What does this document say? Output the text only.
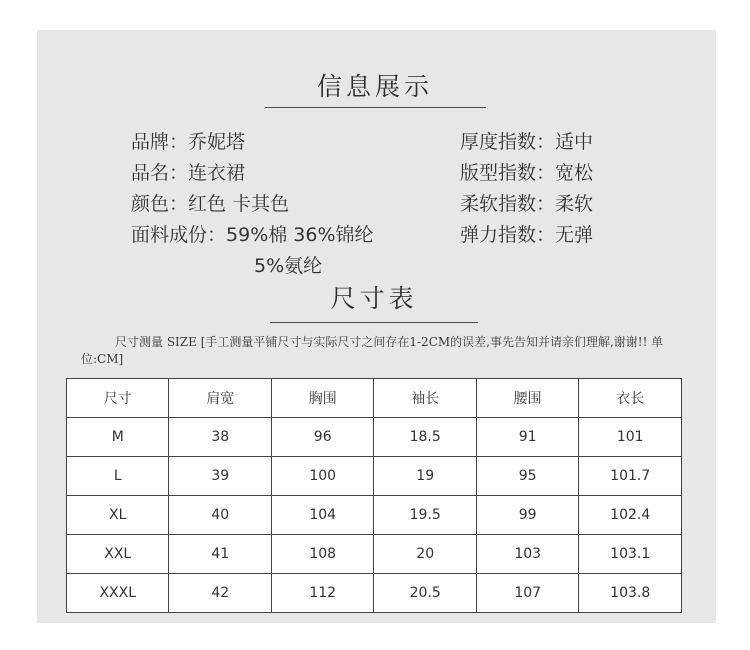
信息展示
品牌：乔妮塔
品名：连衣裙
颜色：红色 卡其色
面料成份：59%棉 36%锦纶
5%氨纶
厚度指数：适中
版型指数：宽松
柔软指数：柔软
弹力指数：无弹
尺寸表
尺寸测量 SIZE [手工测量平铺尺寸与实际尺寸之间存在1-2CM的误差,事先告知并请亲们理解,谢谢!! 单位:CM]
尺寸	肩宽	胸围	袖长	腰围	衣长
M	38	96	18.5	91	101
L	39	100	19	95	101.7
XL	40	104	19.5	99	102.4
XXL	41	108	20	103	103.1
XXXL	42	112	20.5	107	103.8
